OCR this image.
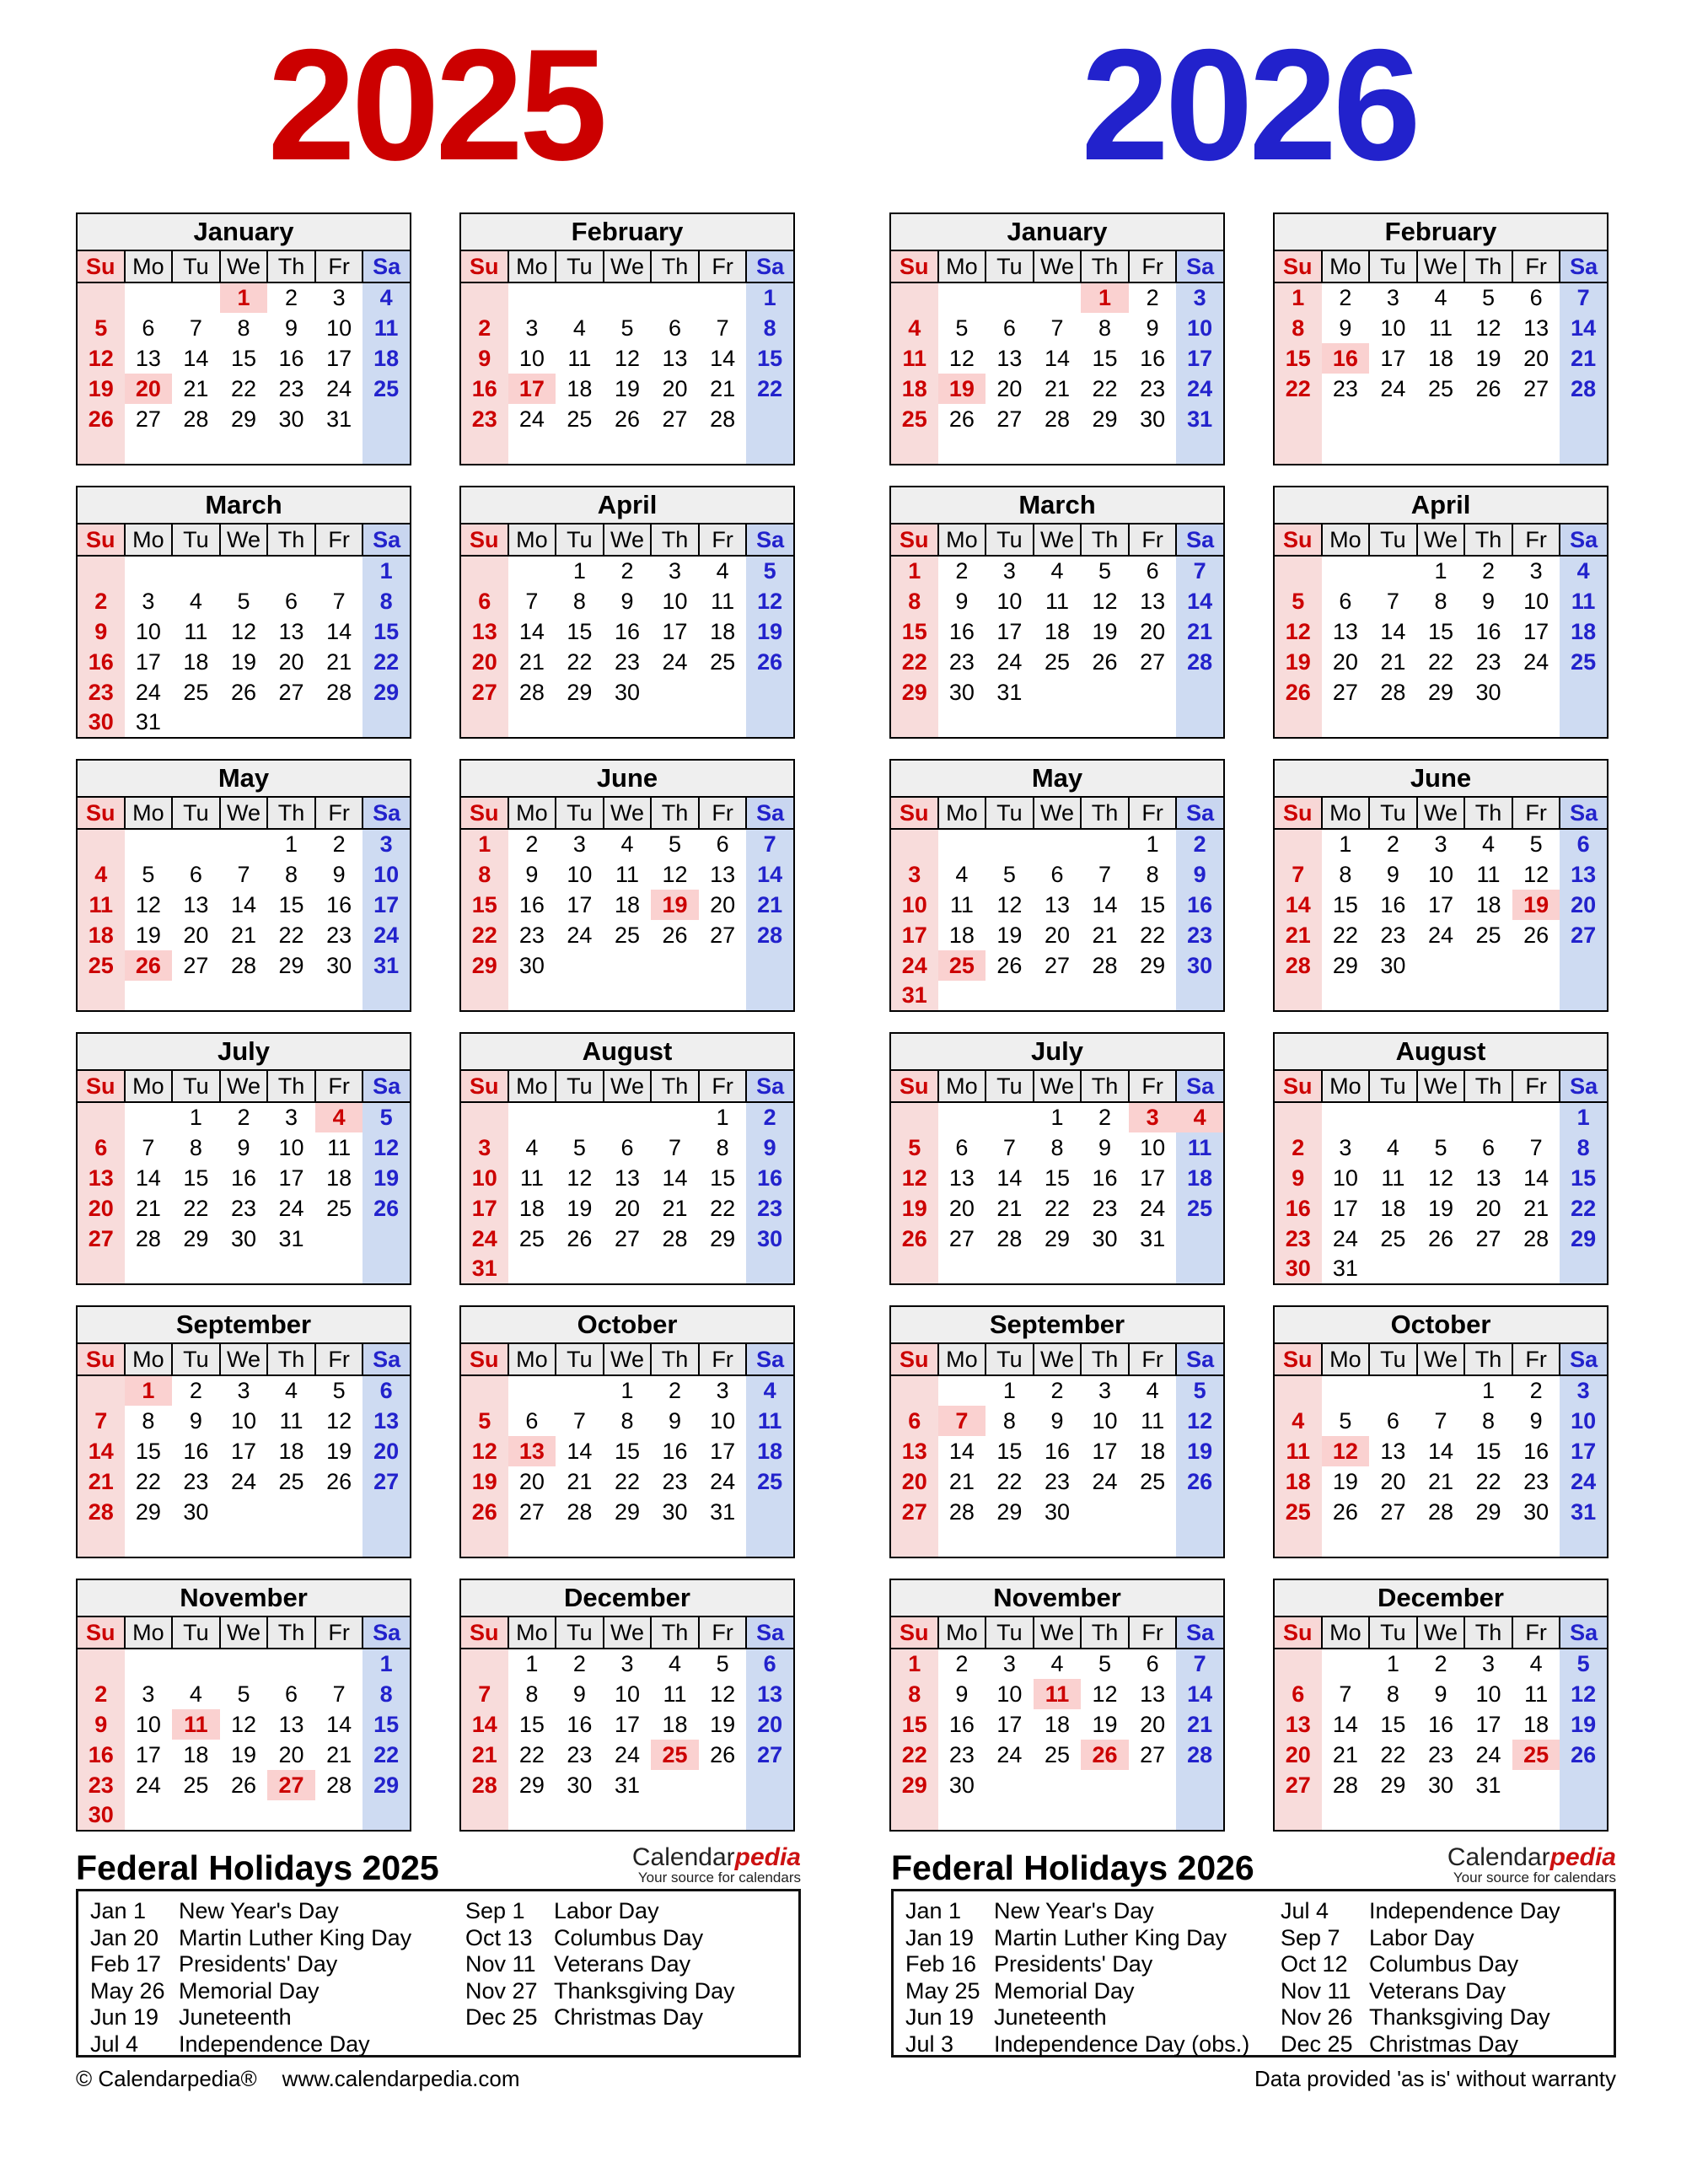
2025	2026
January						
Su	Mo	Tu	We	Th	Fr	Sa
			1	2	3	4
5	6	7	8	9	10	11
12	13	14	15	16	17	18
19	20	21	22	23	24	25
26	27	28	29	30	31	

February						
Su	Mo	Tu	We	Th	Fr	Sa
						1
2	3	4	5	6	7	8
9	10	11	12	13	14	15
16	17	18	19	20	21	22
23	24	25	26	27	28	

March						
Su	Mo	Tu	We	Th	Fr	Sa
						1
2	3	4	5	6	7	8
9	10	11	12	13	14	15
16	17	18	19	20	21	22
23	24	25	26	27	28	29
30	31					
April						
Su	Mo	Tu	We	Th	Fr	Sa
		1	2	3	4	5
6	7	8	9	10	11	12
13	14	15	16	17	18	19
20	21	22	23	24	25	26
27	28	29	30			

May						
Su	Mo	Tu	We	Th	Fr	Sa
				1	2	3
4	5	6	7	8	9	10
11	12	13	14	15	16	17
18	19	20	21	22	23	24
25	26	27	28	29	30	31

June						
Su	Mo	Tu	We	Th	Fr	Sa
1	2	3	4	5	6	7
8	9	10	11	12	13	14
15	16	17	18	19	20	21
22	23	24	25	26	27	28
29	30					

July						
Su	Mo	Tu	We	Th	Fr	Sa
		1	2	3	4	5
6	7	8	9	10	11	12
13	14	15	16	17	18	19
20	21	22	23	24	25	26
27	28	29	30	31		

August						
Su	Mo	Tu	We	Th	Fr	Sa
					1	2
3	4	5	6	7	8	9
10	11	12	13	14	15	16
17	18	19	20	21	22	23
24	25	26	27	28	29	30
31						
September						
Su	Mo	Tu	We	Th	Fr	Sa
	1	2	3	4	5	6
7	8	9	10	11	12	13
14	15	16	17	18	19	20
21	22	23	24	25	26	27
28	29	30				

October						
Su	Mo	Tu	We	Th	Fr	Sa
			1	2	3	4
5	6	7	8	9	10	11
12	13	14	15	16	17	18
19	20	21	22	23	24	25
26	27	28	29	30	31	

November						
Su	Mo	Tu	We	Th	Fr	Sa
						1
2	3	4	5	6	7	8
9	10	11	12	13	14	15
16	17	18	19	20	21	22
23	24	25	26	27	28	29
30						
December						
Su	Mo	Tu	We	Th	Fr	Sa
	1	2	3	4	5	6
7	8	9	10	11	12	13
14	15	16	17	18	19	20
21	22	23	24	25	26	27
28	29	30	31			

January						
Su	Mo	Tu	We	Th	Fr	Sa
				1	2	3
4	5	6	7	8	9	10
11	12	13	14	15	16	17
18	19	20	21	22	23	24
25	26	27	28	29	30	31

February						
Su	Mo	Tu	We	Th	Fr	Sa
1	2	3	4	5	6	7
8	9	10	11	12	13	14
15	16	17	18	19	20	21
22	23	24	25	26	27	28

March						
Su	Mo	Tu	We	Th	Fr	Sa
1	2	3	4	5	6	7
8	9	10	11	12	13	14
15	16	17	18	19	20	21
22	23	24	25	26	27	28
29	30	31				

April						
Su	Mo	Tu	We	Th	Fr	Sa
			1	2	3	4
5	6	7	8	9	10	11
12	13	14	15	16	17	18
19	20	21	22	23	24	25
26	27	28	29	30		

May						
Su	Mo	Tu	We	Th	Fr	Sa
					1	2
3	4	5	6	7	8	9
10	11	12	13	14	15	16
17	18	19	20	21	22	23
24	25	26	27	28	29	30
31						
June						
Su	Mo	Tu	We	Th	Fr	Sa
	1	2	3	4	5	6
7	8	9	10	11	12	13
14	15	16	17	18	19	20
21	22	23	24	25	26	27
28	29	30				

July						
Su	Mo	Tu	We	Th	Fr	Sa
			1	2	3	4
5	6	7	8	9	10	11
12	13	14	15	16	17	18
19	20	21	22	23	24	25
26	27	28	29	30	31	

August						
Su	Mo	Tu	We	Th	Fr	Sa
						1
2	3	4	5	6	7	8
9	10	11	12	13	14	15
16	17	18	19	20	21	22
23	24	25	26	27	28	29
30	31					
September						
Su	Mo	Tu	We	Th	Fr	Sa
		1	2	3	4	5
6	7	8	9	10	11	12
13	14	15	16	17	18	19
20	21	22	23	24	25	26
27	28	29	30			

October						
Su	Mo	Tu	We	Th	Fr	Sa
				1	2	3
4	5	6	7	8	9	10
11	12	13	14	15	16	17
18	19	20	21	22	23	24
25	26	27	28	29	30	31

November						
Su	Mo	Tu	We	Th	Fr	Sa
1	2	3	4	5	6	7
8	9	10	11	12	13	14
15	16	17	18	19	20	21
22	23	24	25	26	27	28
29	30					

December						
Su	Mo	Tu	We	Th	Fr	Sa
		1	2	3	4	5
6	7	8	9	10	11	12
13	14	15	16	17	18	19
20	21	22	23	24	25	26
27	28	29	30	31		

Federal Holidays 2025	Calendarpedia
Your source for calendars
Jan 1	New Year's Day
Jan 20 Martin Luther King Day
Feb 17 Presidents' Day
May 26 Memorial Day
Jun 19 Juneteenth
Jul 4	Independence Day
Sep 1	Labor Day
Oct 13 Columbus Day
Nov 11 Veterans Day
Nov 27 Thanksgiving Day
Dec 25 Christmas Day
Federal Holidays 2026	Calendarpedia
Your source for calendars
Jan 1	New Year's Day
Jan 19 Martin Luther King Day
Feb 16 Presidents' Day
May 25 Memorial Day
Jun 19 Juneteenth
Jul 3	Independence Day (obs.)
Jul 4	Independence Day
Sep 7	Labor Day
Oct 12 Columbus Day
Nov 11 Veterans Day
Nov 26 Thanksgiving Day
Dec 25 Christmas Day
© Calendarpedia® www.calendarpedia.com	Data provided 'as is' without warranty
